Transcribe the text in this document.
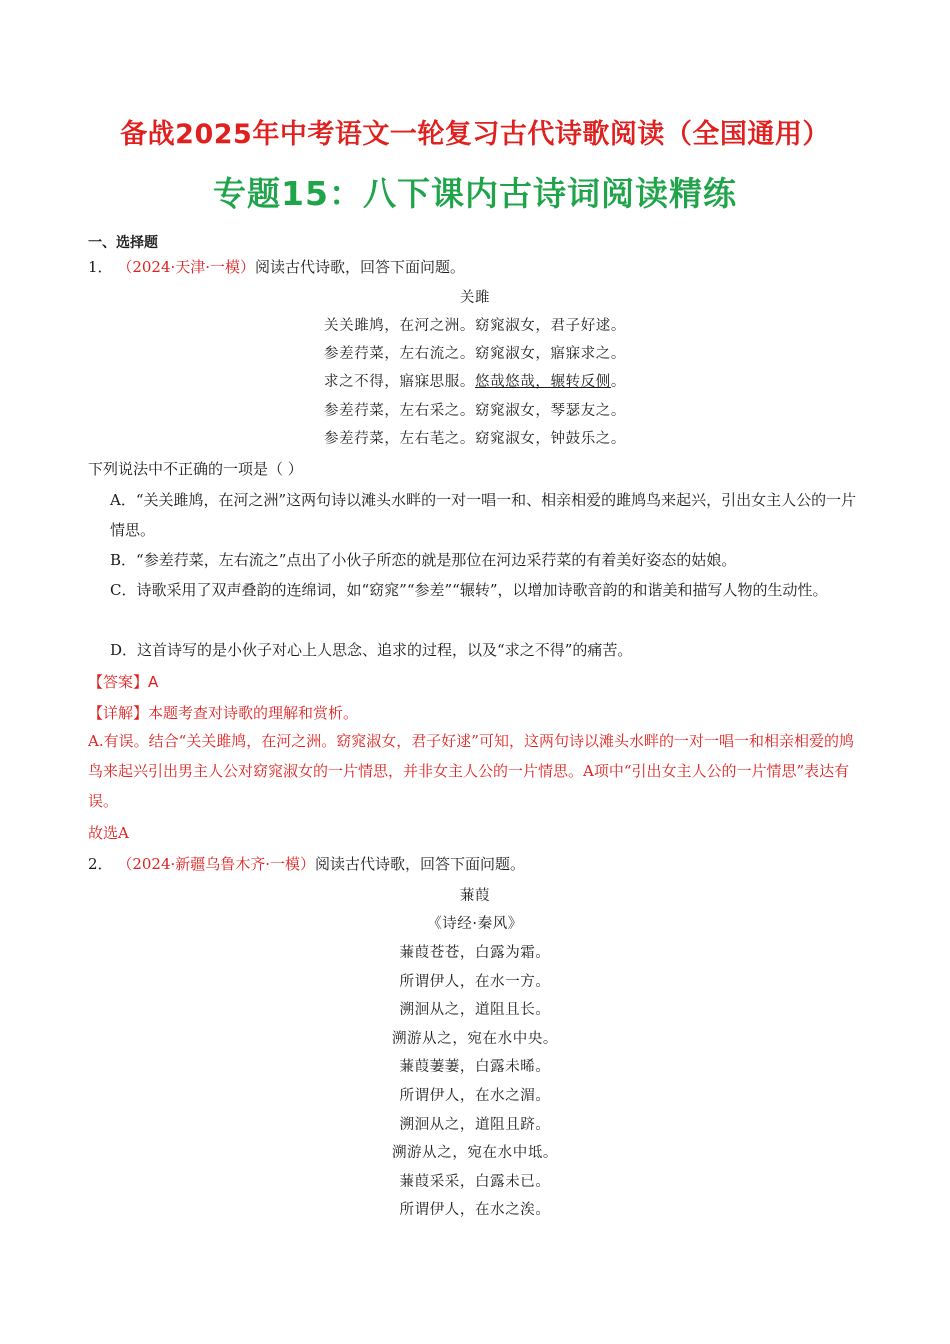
备战2025年中考语文一轮复习古代诗歌阅读（全国通用）
专题15：八下课内古诗词阅读精练
一、选择题
1． （2024·天津·一模）阅读古代诗歌，回答下面问题。
关雎
关关雎鸠，在河之洲。窈窕淑女，君子好逑。
参差荇菜，左右流之。窈窕淑女，寤寐求之。
求之不得，寤寐思服。悠哉悠哉，辗转反侧。
参差荇菜，左右采之。窈窕淑女，琴瑟友之。
参差荇菜，左右芼之。窈窕淑女，钟鼓乐之。
下列说法中不正确的一项是（ ）
A．“关关雎鸠，在河之洲”这两句诗以滩头水畔的一对一唱一和、相亲相爱的雎鸠鸟来起兴，引出女主人公的一片情思。
B．“参差荇菜，左右流之”点出了小伙子所恋的就是那位在河边采荇菜的有着美好姿态的姑娘。
C．诗歌采用了双声叠韵的连绵词，如“窈窕”“参差”“辗转”，以增加诗歌音韵的和谐美和描写人物的生动性。
D．这首诗写的是小伙子对心上人思念、追求的过程，以及“求之不得”的痛苦。
【答案】A
【详解】本题考查对诗歌的理解和赏析。
A.有误。结合“关关雎鸠，在河之洲。窈窕淑女，君子好逑”可知，这两句诗以滩头水畔的一对一唱一和相亲相爱的鸠鸟来起兴引出男主人公对窈窕淑女的一片情思，并非女主人公的一片情思。A项中“引出女主人公的一片情思”表达有误。
故选A
2． （2024·新疆乌鲁木齐·一模）阅读古代诗歌，回答下面问题。
蒹葭
《诗经·秦风》
蒹葭苍苍，白露为霜。
所谓伊人，在水一方。
溯洄从之，道阻且长。
溯游从之，宛在水中央。
蒹葭萋萋，白露未晞。
所谓伊人，在水之湄。
溯洄从之，道阻且跻。
溯游从之，宛在水中坻。
蒹葭采采，白露未已。
所谓伊人，在水之涘。
